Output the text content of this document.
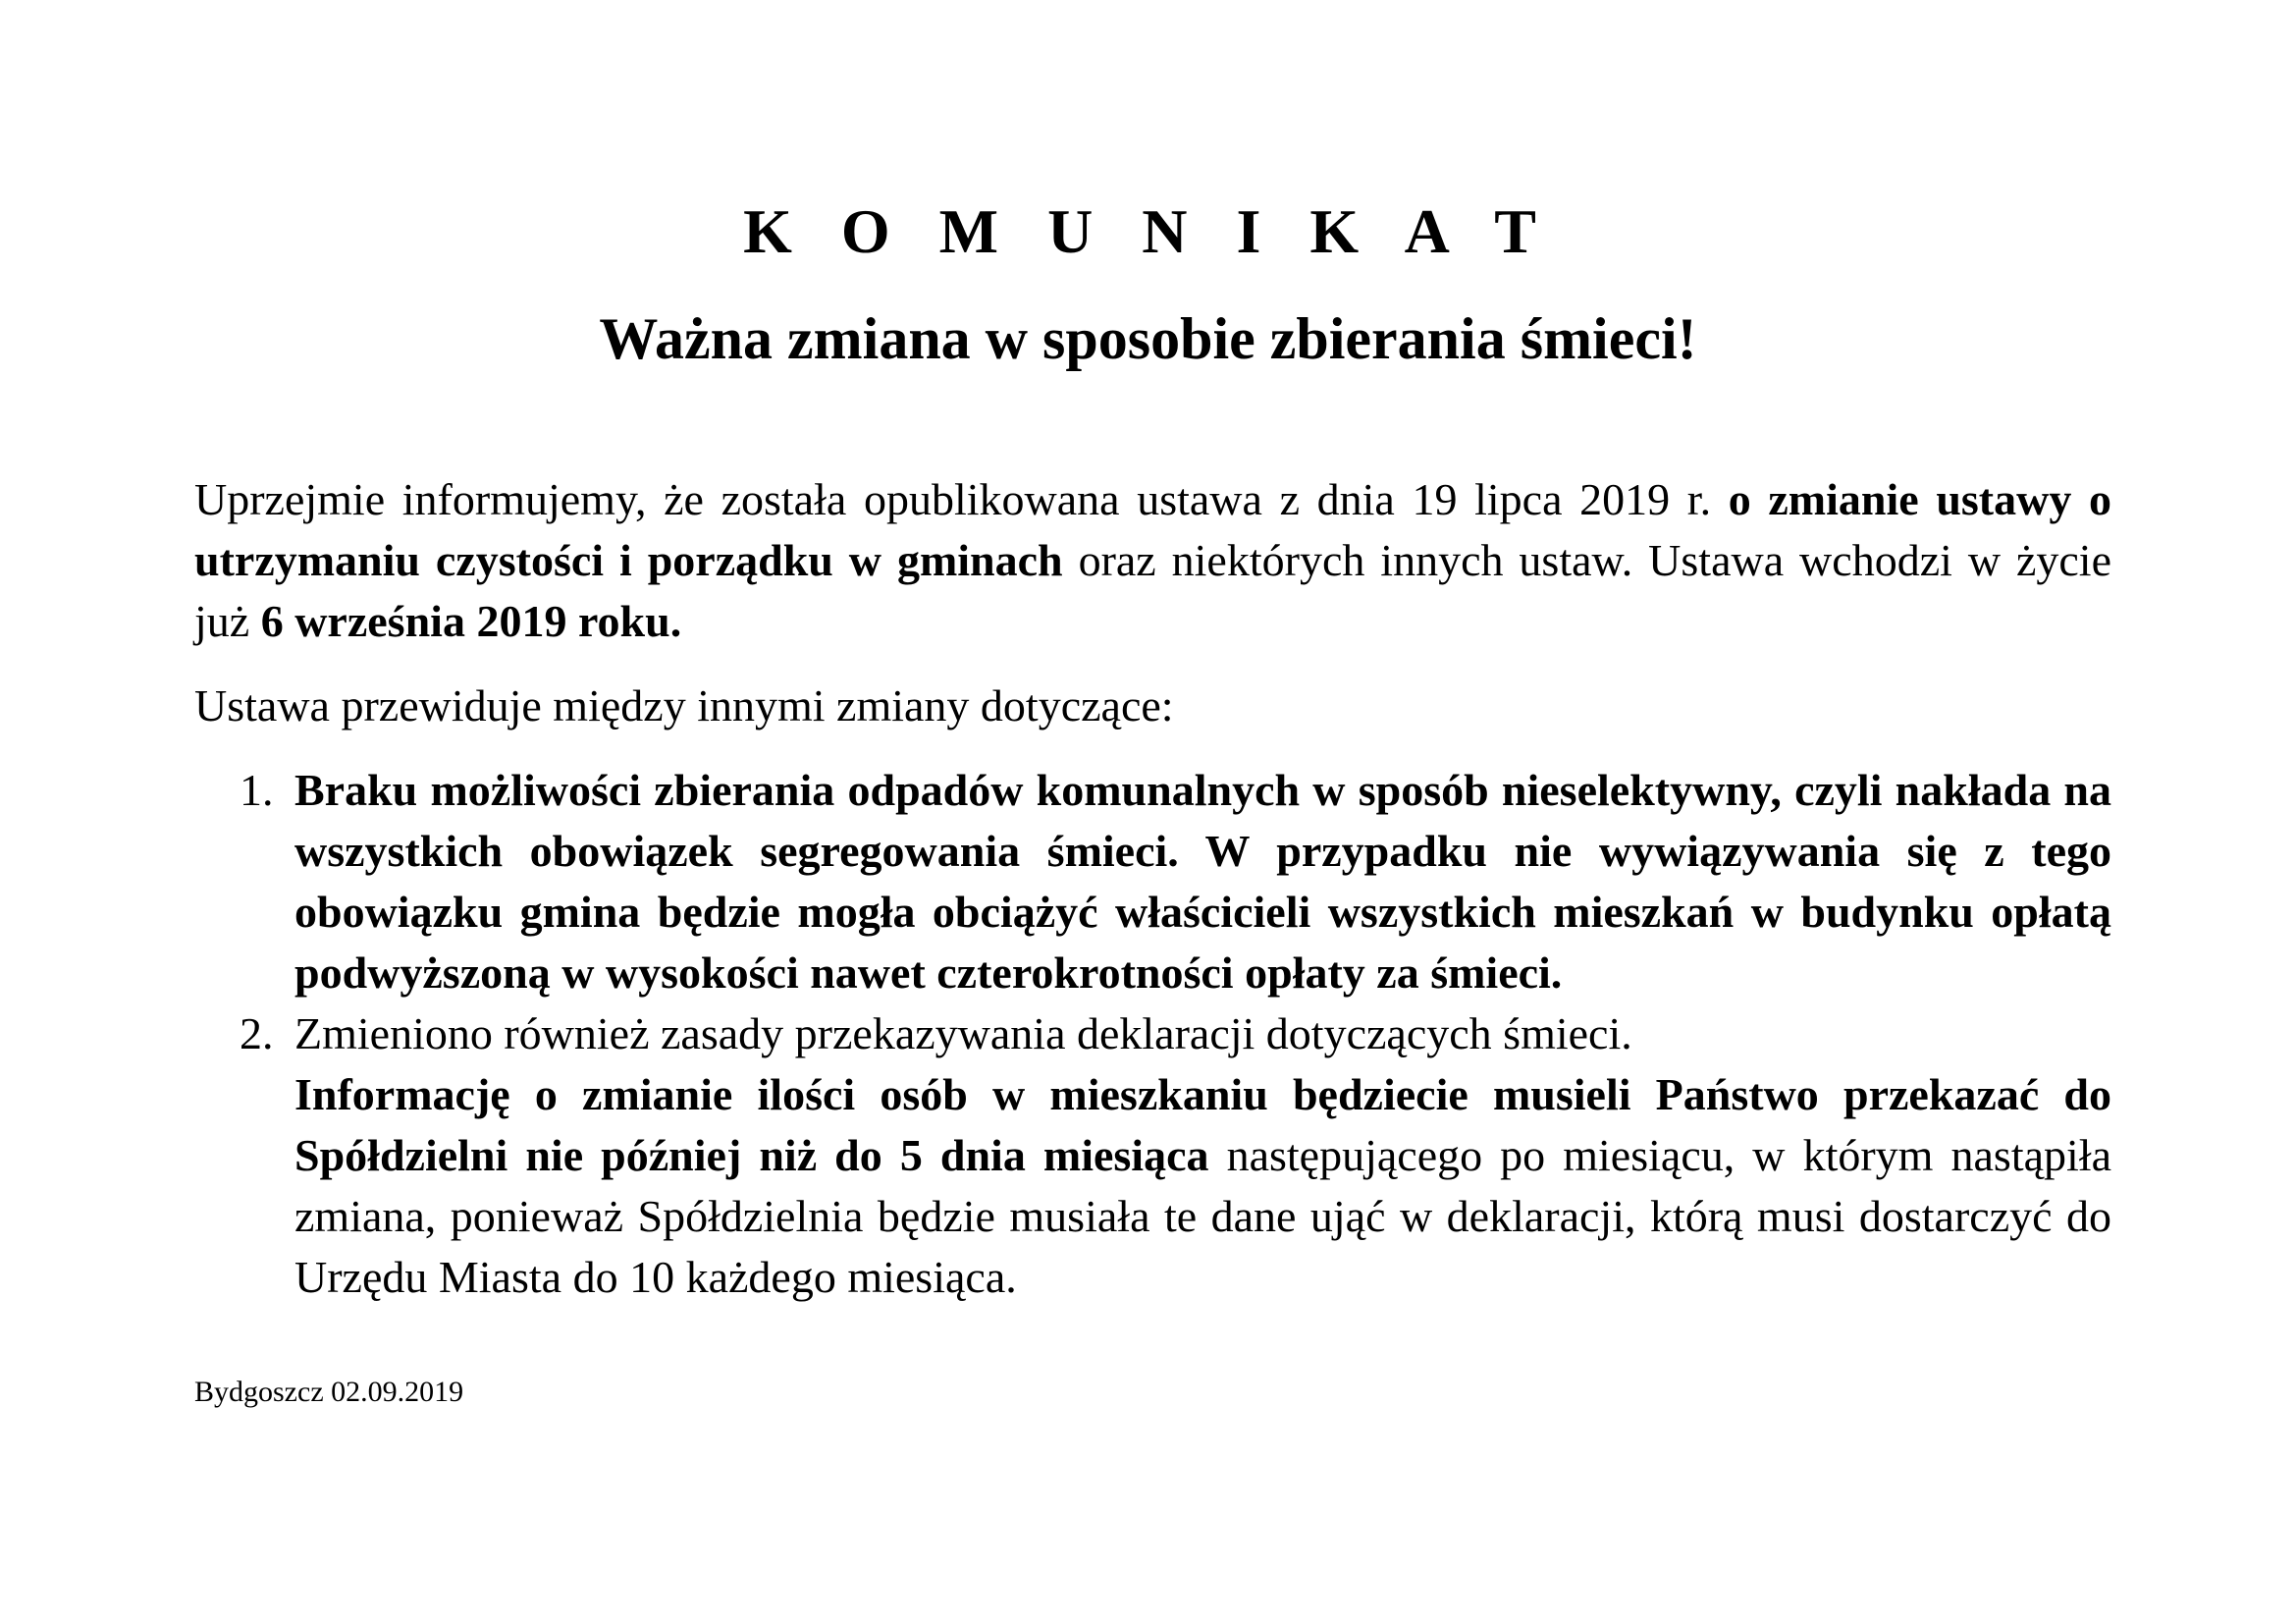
K O M U N I K A T
Ważna zmiana w sposobie zbierania śmieci!

Uprzejmie informujemy, że została opublikowana ustawa z dnia 19 lipca 2019 r. o zmianie ustawy o utrzymaniu czystości i porządku w gminach oraz niektórych innych ustaw. Ustawa wchodzi w życie już 6 września 2019 roku.

Ustawa przewiduje między innymi zmiany dotyczące:

1. Braku możliwości zbierania odpadów komunalnych w sposób nieselektywny, czyli nakłada na wszystkich obowiązek segregowania śmieci. W przypadku nie wywiązywania się z tego obowiązku gmina będzie mogła obciążyć właścicieli wszystkich mieszkań w budynku opłatą podwyższoną w wysokości nawet czterokrotności opłaty za śmieci.
2. Zmieniono również zasady przekazywania deklaracji dotyczących śmieci.
Informację o zmianie ilości osób w mieszkaniu będziecie musieli Państwo przekazać do Spółdzielni nie później niż do 5 dnia miesiąca następującego po miesiącu, w którym nastąpiła zmiana, ponieważ Spółdzielnia będzie musiała te dane ująć w deklaracji, którą musi dostarczyć do Urzędu Miasta do 10 każdego miesiąca.

Bydgoszcz 02.09.2019
